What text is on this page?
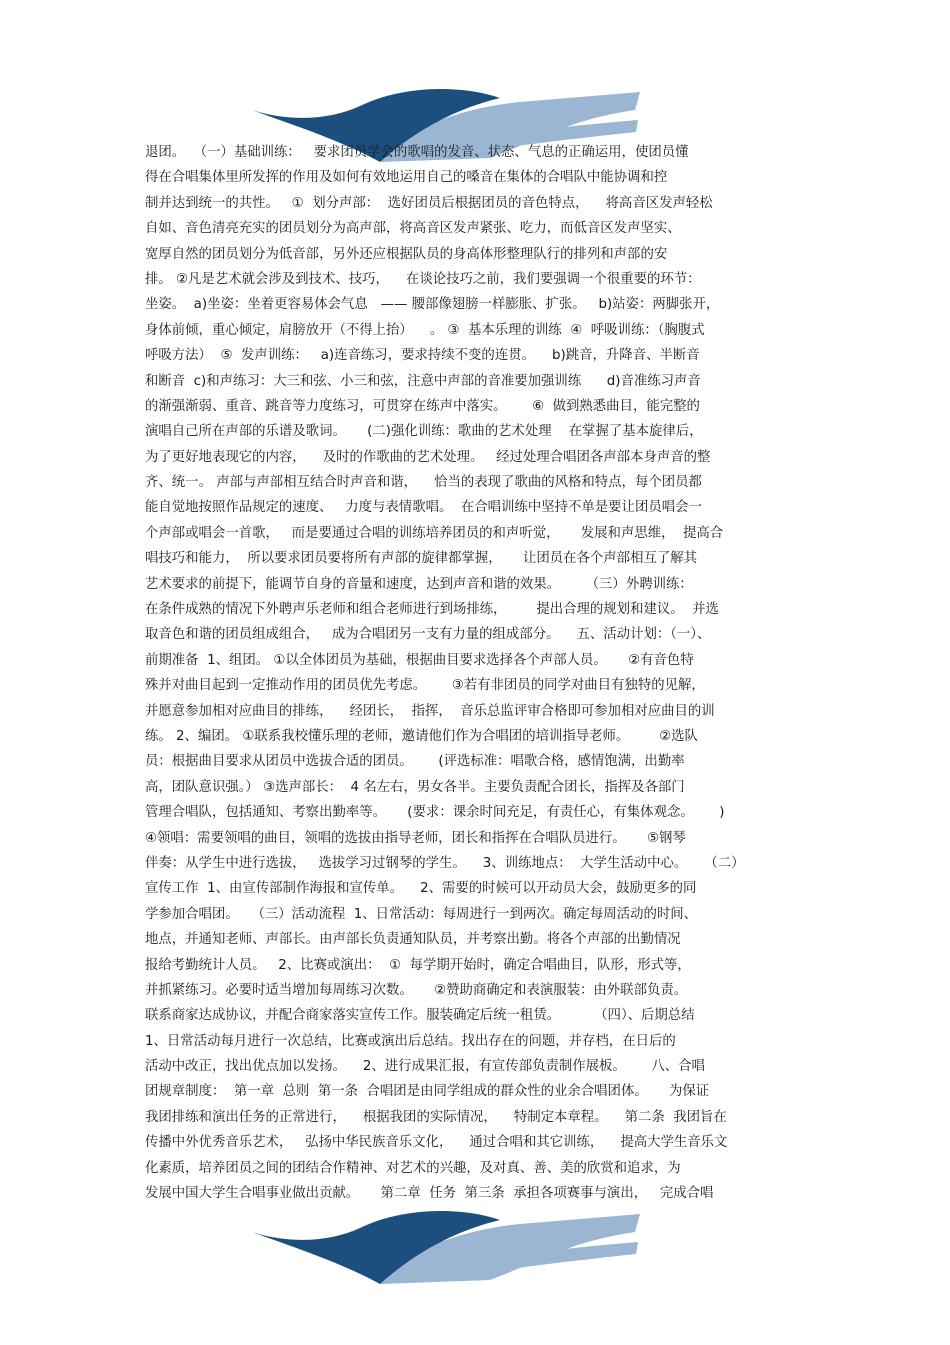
退团。  （一）基础训练：   要求团员学会的歌唱的发音、状态、气息的正确运用，使团员懂
得在合唱集体里所发挥的作用及如何有效地运用自己的嗓音在集体的合唱队中能协调和控
制并达到统一的共性。   ①  划分声部：  选好团员后根据团员的音色特点，    将高音区发声轻松
自如、音色清亮充实的团员划分为高声部，将高音区发声紧张、吃力，而低音区发声坚实、
宽厚自然的团员划分为低音部，另外还应根据队员的身高体形整理队行的排列和声部的安
排。 ②凡是艺术就会涉及到技术、技巧，    在谈论技巧之前，我们要强调一个很重要的环节：
坐姿。  a)坐姿：坐着更容易体会气息   —— 腰部像翅膀一样膨胀、扩张。   b)站姿：两脚张开，
身体前倾，重心倾定，肩膀放开（不得上抬）    。 ③  基本乐理的训练  ④  呼吸训练：（胸腹式
呼吸方法）  ⑤  发声训练：   a)连音练习，要求持续不变的连贯。    b)跳音，升降音、半断音
和断音  c)和声练习：大三和弦、小三和弦，注意中声部的音准要加强训练      d)音准练习声音
的渐强渐弱、重音、跳音等力度练习，可贯穿在练声中落实。      ⑥  做到熟悉曲目，能完整的
演唱自己所在声部的乐谱及歌词。     (二)强化训练：歌曲的艺术处理    在掌握了基本旋律后，
为了更好地表现它的内容，    及时的作歌曲的艺术处理。   经过处理合唱团各声部本身声音的整
齐、统一。 声部与声部相互结合时声音和谐，    恰当的表现了歌曲的风格和特点，每个团员都
能自觉地按照作品规定的速度、   力度与表情歌唱。  在合唱训练中坚持不单是要让团员唱会一
个声部或唱会一首歌，   而是要通过合唱的训练培养团员的和声听觉，     发展和声思维，  提高合
唱技巧和能力，  所以要求团员要将所有声部的旋律都掌握，     让团员在各个声部相互了解其
艺术要求的前提下，能调节自身的音量和速度，达到声音和谐的效果。      （三）外聘训练：
在条件成熟的情况下外聘声乐老师和组合老师进行到场排练，       提出合理的规划和建议。  并选
取音色和谐的团员组成组合，   成为合唱团另一支有力量的组成部分。    五、活动计划：（一）、
前期准备  1、组团。 ①以全体团员为基础，根据曲目要求选择各个声部人员。     ②有音色特
殊并对曲目起到一定推动作用的团员优先考虑。      ③若有非团员的同学对曲目有独特的见解，
并愿意参加相对应曲目的排练，    经团长，  指挥，  音乐总监评审合格即可参加相对应曲目的训
练。 2、编团。 ①联系我校懂乐理的老师，邀请他们作为合唱团的培训指导老师。       ②选队
员：根据曲目要求从团员中选拔合适的团员。      (评选标准：唱歌合格，感情饱满，出勤率
高，团队意识强。） ③选声部长：  4 名左右，男女各半。主要负责配合团长，指挥及各部门
管理合唱队，包括通知、考察出勤率等。     (要求：课余时间充足，有责任心，有集体观念。      )
④领唱：需要领唱的曲目，领唱的选拔由指导老师，团长和指挥在合唱队员进行。     ⑤钢琴
伴奏：从学生中进行选拔，   选拔学习过钢琴的学生。    3、训练地点：  大学生活动中心。    （二）
宣传工作  1、由宣传部制作海报和宣传单。    2、需要的时候可以开动员大会，鼓励更多的同
学参加合唱团。   （三）活动流程  1、日常活动：每周进行一到两次。确定每周活动的时间、
地点，并通知老师、声部长。由声部长负责通知队员，并考察出勤。将各个声部的出勤情况
报给考勤统计人员。   2、比赛或演出：  ①  每学期开始时，确定合唱曲目，队形，形式等，
并抓紧练习。必要时适当增加每周练习次数。     ②赞助商确定和表演服装：由外联部负责。
联系商家达成协议，并配合商家落实宣传工作。服装确定后统一租赁。        （四）、后期总结
1、日常活动每月进行一次总结，比赛或演出后总结。找出存在的问题，并存档，在日后的
活动中改正，找出优点加以发扬。    2、进行成果汇报，有宣传部负责制作展板。      八、合唱
团规章制度：  第一章  总则  第一条  合唱团是由同学组成的群众性的业余合唱团体。     为保证
我团排练和演出任务的正常进行，    根据我团的实际情况，    特制定本章程。    第二条  我团旨在
传播中外优秀音乐艺术，   弘扬中华民族音乐文化，    通过合唱和其它训练，    提高大学生音乐文
化素质，培养团员之间的团结合作精神、对艺术的兴趣，及对真、善、美的欣赏和追求，为
发展中国大学生合唱事业做出贡献。     第二章  任务  第三条  承担各项赛事与演出，   完成合唱
